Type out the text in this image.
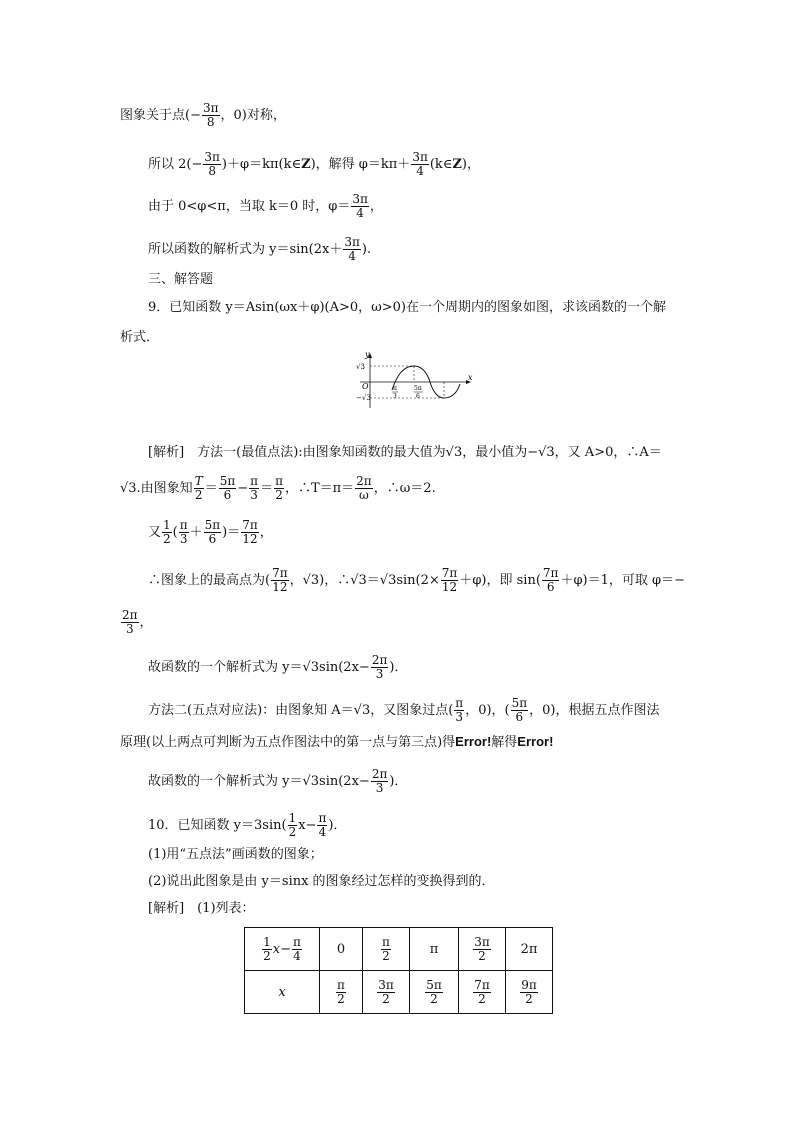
图象关于点(− $\frac{3\pi}{8}$ ，0)对称，
所以 $2(- \frac{3\pi}{8}$ )＋φ＝kπ(k∈Z)，解得 $\varphi=k\pi+ \frac{3\pi}{4}$ (k∈Z)，
由于 0<φ<π，当取 k＝0 时，$\varphi= \frac{3\pi}{4}$ ，
所以函数的解析式为 $y=\sin(2x+ \frac{3\pi}{4}$ ).
三、解答题
9．已知函数 y＝Asin(ωx＋φ)(A>0，ω>0)在一个周期内的图象如图，求该函数的一个解
析式．
y
x
O
√3
−√3
π
3
5π
6
[解析]　方法一(最值点法):由图象知函数的最大值为√3，最小值为−√3，又 A>0，∴A＝
√3.由图象知 $\frac{T}{2} = \frac{5\pi}{6} - \frac{\pi}{3} = \frac{\pi}{2}$ ，∴T＝π＝ $\frac{2\pi}{\omega}$ ，∴ω＝2.
又 $\frac{1}{2}$ ( $\frac{\pi}{3} + \frac{5\pi}{6}$ )＝ $\frac{7\pi}{12}$ ，
∴图象上的最高点为( $\frac{7\pi}{12}$ ，√3)，∴√3＝√3sin(2× $\frac{7\pi}{12} +\varphi$)，即 $\sin( \frac{7\pi}{6} +\varphi)=1$，可取 φ＝−
$\frac{2\pi}{3}$ ，
故函数的一个解析式为 $y=√3\sin(2x- \frac{2\pi}{3}$ )．
方法二(五点对应法)：由图象知 A＝√3，又图象过点( $\frac{\pi}{3}$ ，0)，( $\frac{5\pi}{6}$ ，0)，根据五点作图法
原理(以上两点可判断为五点作图法中的第一点与第三点)得Error!解得Error!
故函数的一个解析式为 $y=√3\sin(2x- \frac{2\pi}{3}$ )．
10．已知函数 $y=3\sin( \frac{1}{2} x- \frac{\pi}{4}$ )．
(1)用“五点法”画函数的图象；
(2)说出此图象是由 y＝sinx 的图象经过怎样的变换得到的．
[解析]　(1)列表：
$\frac{1}{2} x- \frac{\pi}{4}$	0	$\frac{\pi}{2}$	π	$\frac{3\pi}{2}$	2π
x	$\frac{\pi}{2}$	$\frac{3\pi}{2}$	$\frac{5\pi}{2}$	$\frac{7\pi}{2}$	$\frac{9\pi}{2}$
